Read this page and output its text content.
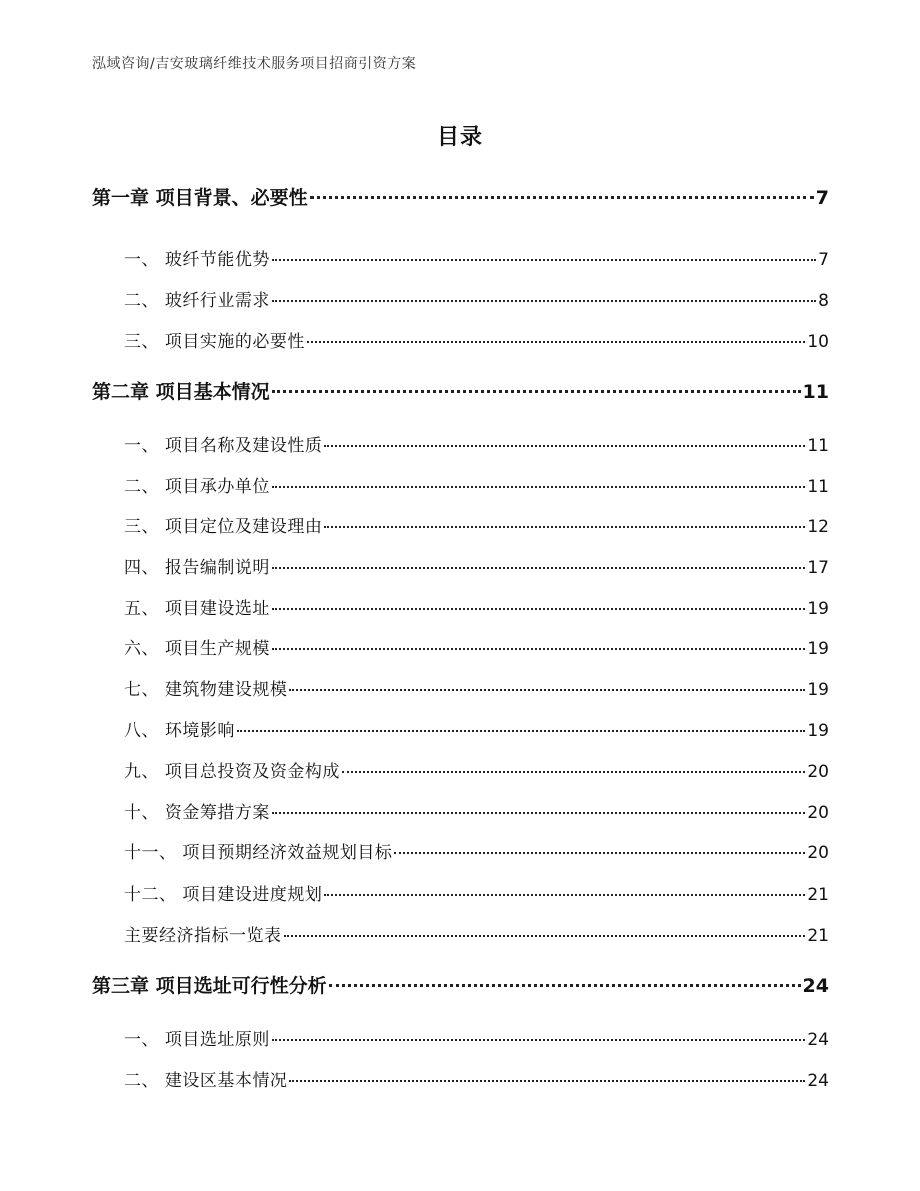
泓域咨询/吉安玻璃纤维技术服务项目招商引资方案
目录
第一章 项目背景、必要性	7
一、 玻纤节能优势	7
二、 玻纤行业需求	8
三、 项目实施的必要性	10
第二章 项目基本情况	11
一、 项目名称及建设性质	11
二、 项目承办单位	11
三、 项目定位及建设理由	12
四、 报告编制说明	17
五、 项目建设选址	19
六、 项目生产规模	19
七、 建筑物建设规模	19
八、 环境影响	19
九、 项目总投资及资金构成	20
十、 资金筹措方案	20
十一、 项目预期经济效益规划目标	20
十二、 项目建设进度规划	21
主要经济指标一览表	21
第三章 项目选址可行性分析	24
一、 项目选址原则	24
二、 建设区基本情况	24
